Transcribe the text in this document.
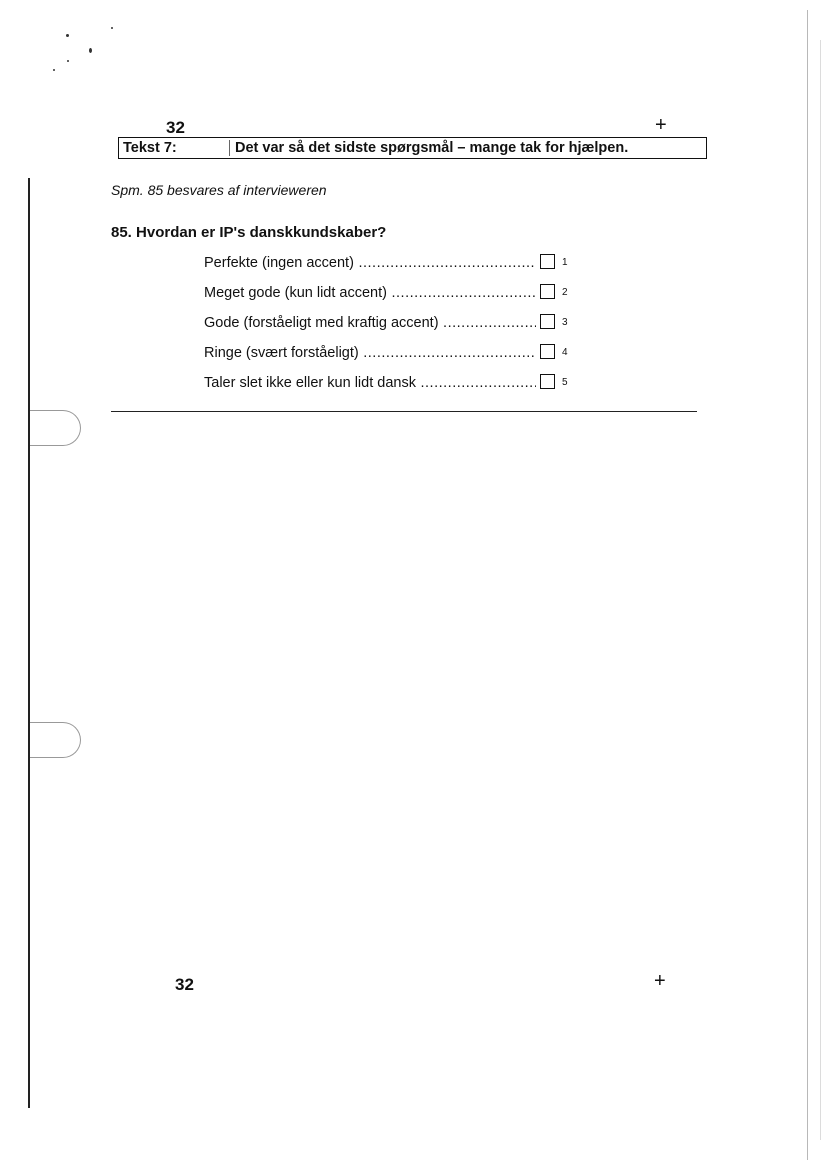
32	+
Tekst 7:	Det var så det sidste spørgsmål – mange tak for hjælpen.
Spm. 85 besvares af intervieweren
85. Hvordan er IP's danskkundskaber?
Perfekte (ingen accent) .....	1
Meget gode (kun lidt accent) .....	2
Gode (forståeligt med kraftig accent) .....	3
Ringe (svært forståeligt) .....	4
Taler slet ikke eller kun lidt dansk .....	5
32	+
